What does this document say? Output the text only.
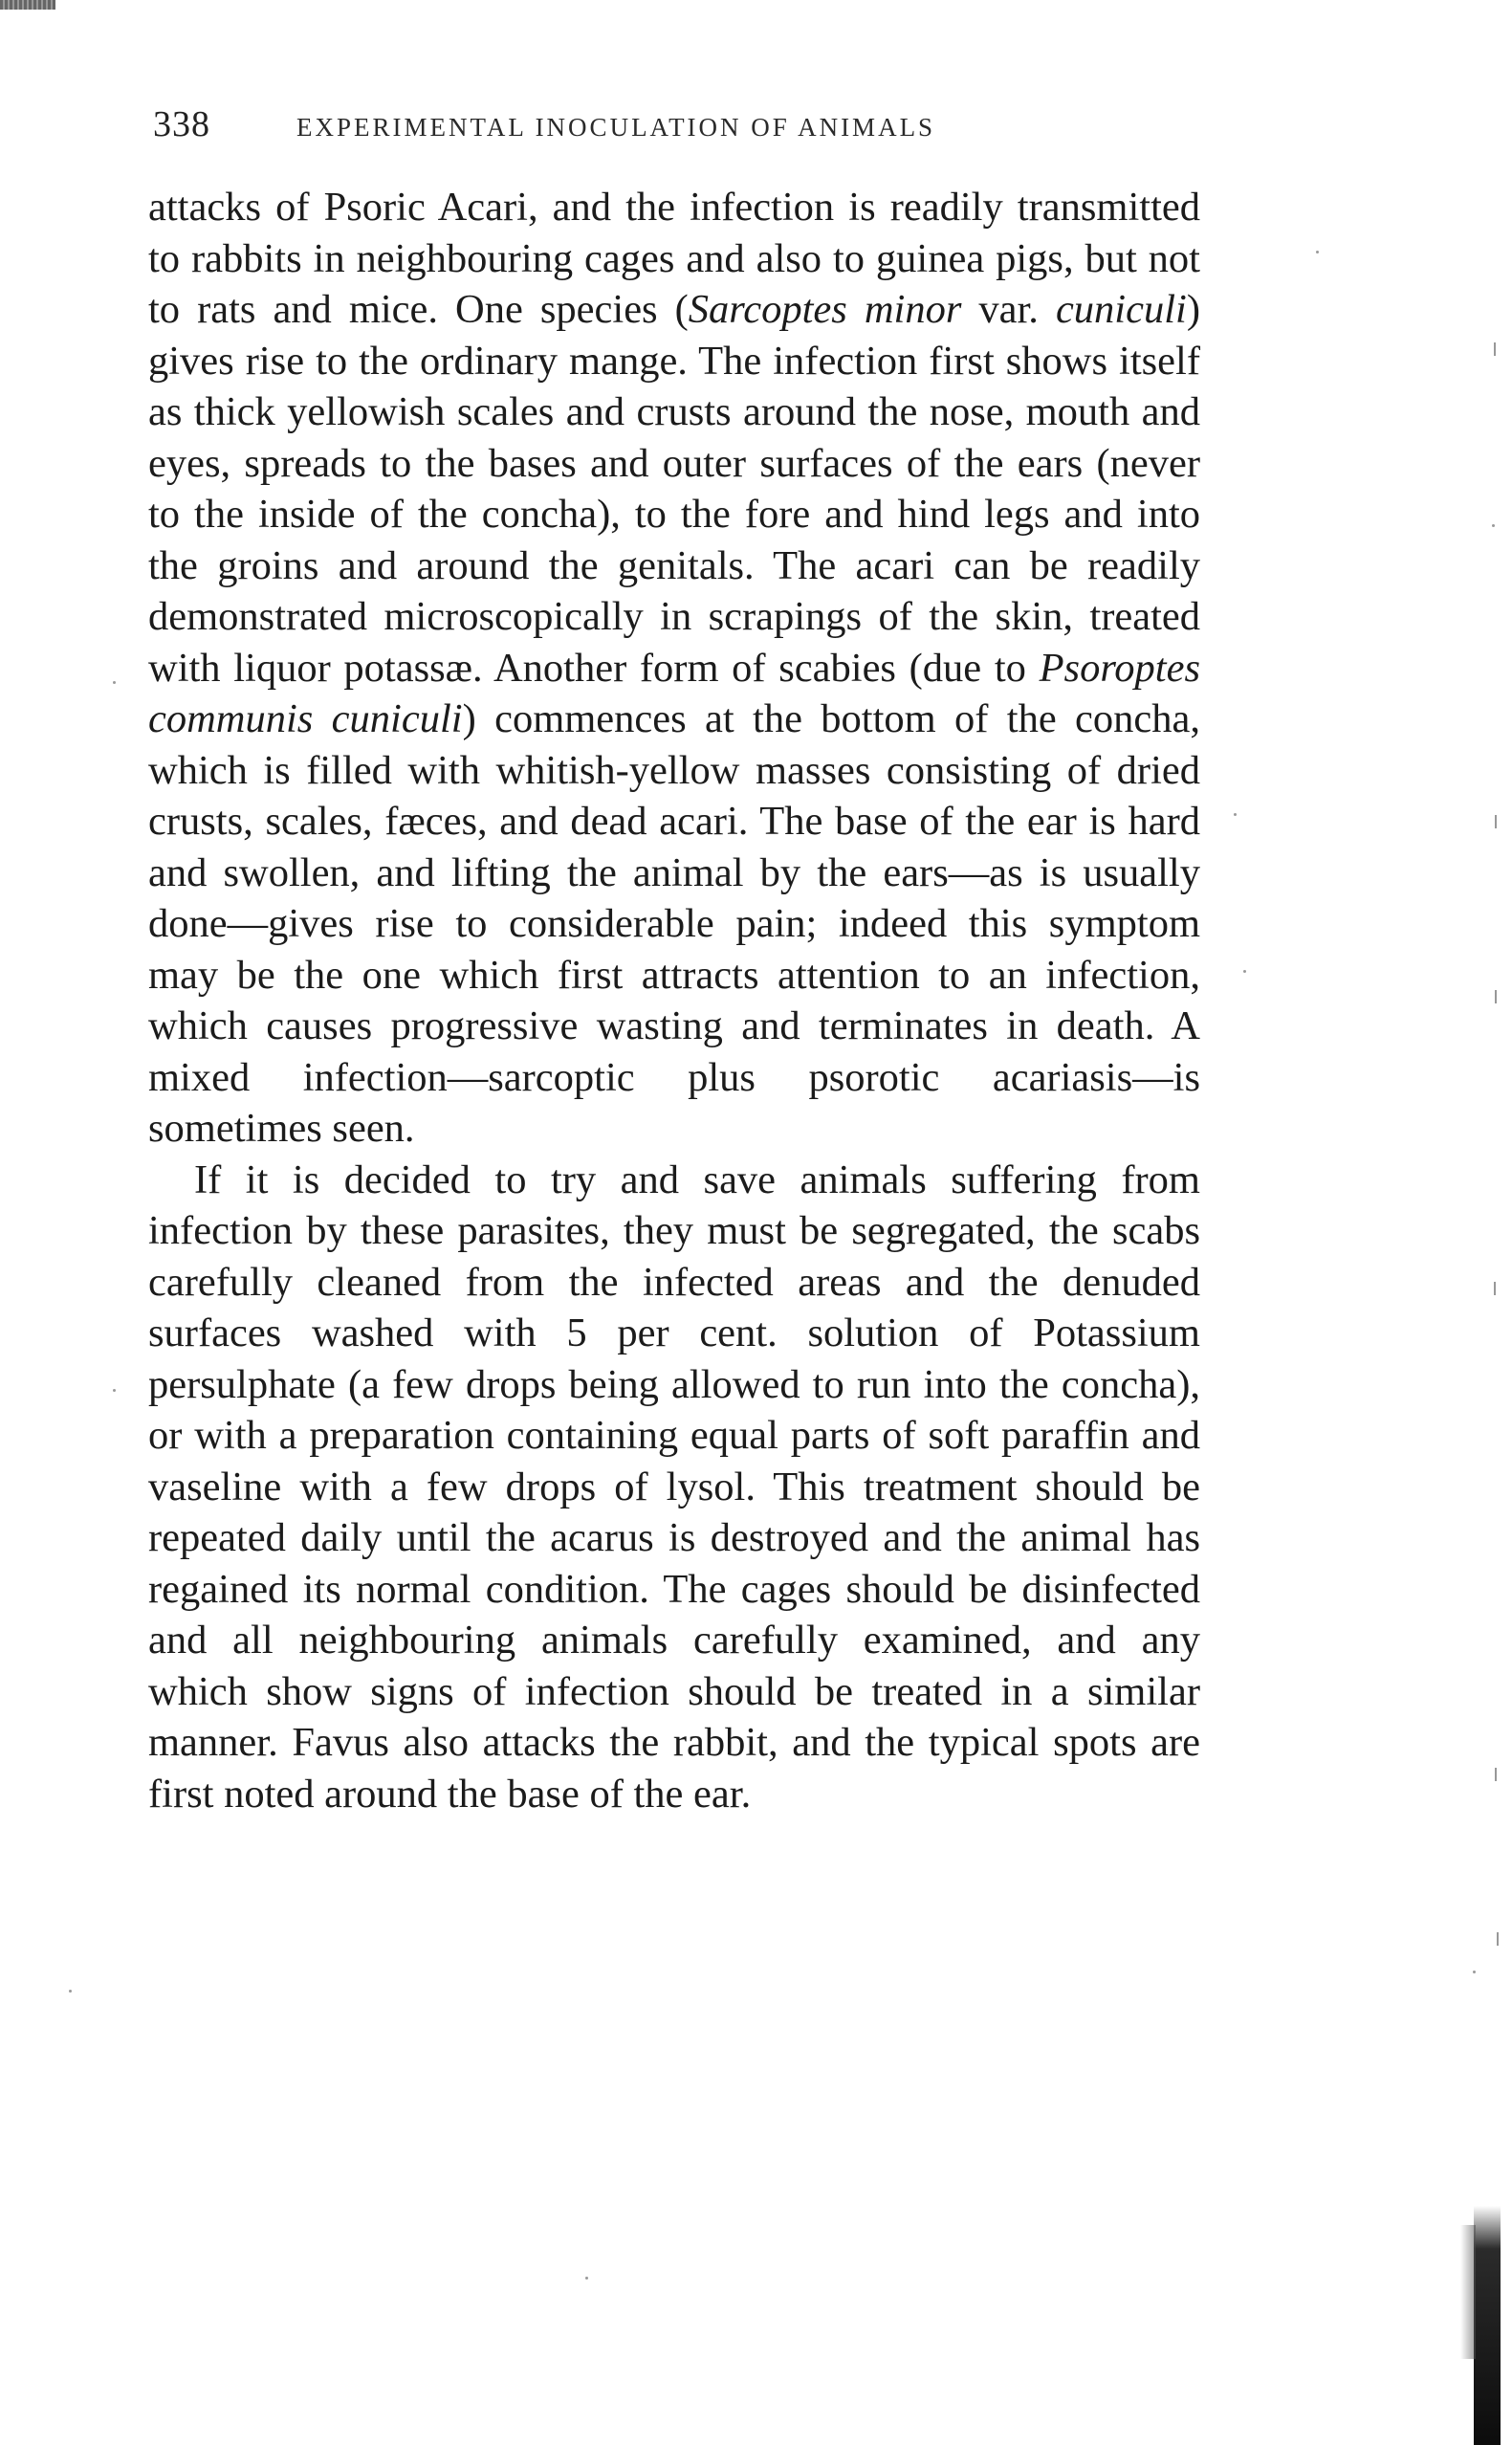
338	EXPERIMENTAL INOCULATION OF ANIMALS

attacks of Psoric Acari, and the infection is readily transmitted to rabbits in neighbouring cages and also to guinea pigs, but not to rats and mice. One species (Sarcoptes minor var. cuniculi) gives rise to the ordinary mange. The infection first shows itself as thick yellowish scales and crusts around the nose, mouth and eyes, spreads to the bases and outer surfaces of the ears (never to the inside of the concha), to the fore and hind legs and into the groins and around the genitals. The acari can be readily demonstrated microscopically in scrapings of the skin, treated with liquor potassæ. Another form of scabies (due to Psoroptes communis cuniculi) commences at the bottom of the concha, which is filled with whitish-yellow masses consisting of dried crusts, scales, fæces, and dead acari. The base of the ear is hard and swollen, and lifting the animal by the ears—as is usually done—gives rise to considerable pain; indeed this symptom may be the one which first attracts attention to an infection, which causes progressive wasting and terminates in death. A mixed infection—sarcoptic plus psorotic acariasis—is sometimes seen.

If it is decided to try and save animals suffering from infection by these parasites, they must be segregated, the scabs carefully cleaned from the infected areas and the denuded surfaces washed with 5 per cent. solution of Potassium persulphate (a few drops being allowed to run into the concha), or with a preparation containing equal parts of soft paraffin and vaseline with a few drops of lysol. This treatment should be repeated daily until the acarus is destroyed and the animal has regained its normal condition. The cages should be disinfected and all neighbouring animals carefully examined, and any which show signs of infection should be treated in a similar manner. Favus also attacks the rabbit, and the typical spots are first noted around the base of the ear.
